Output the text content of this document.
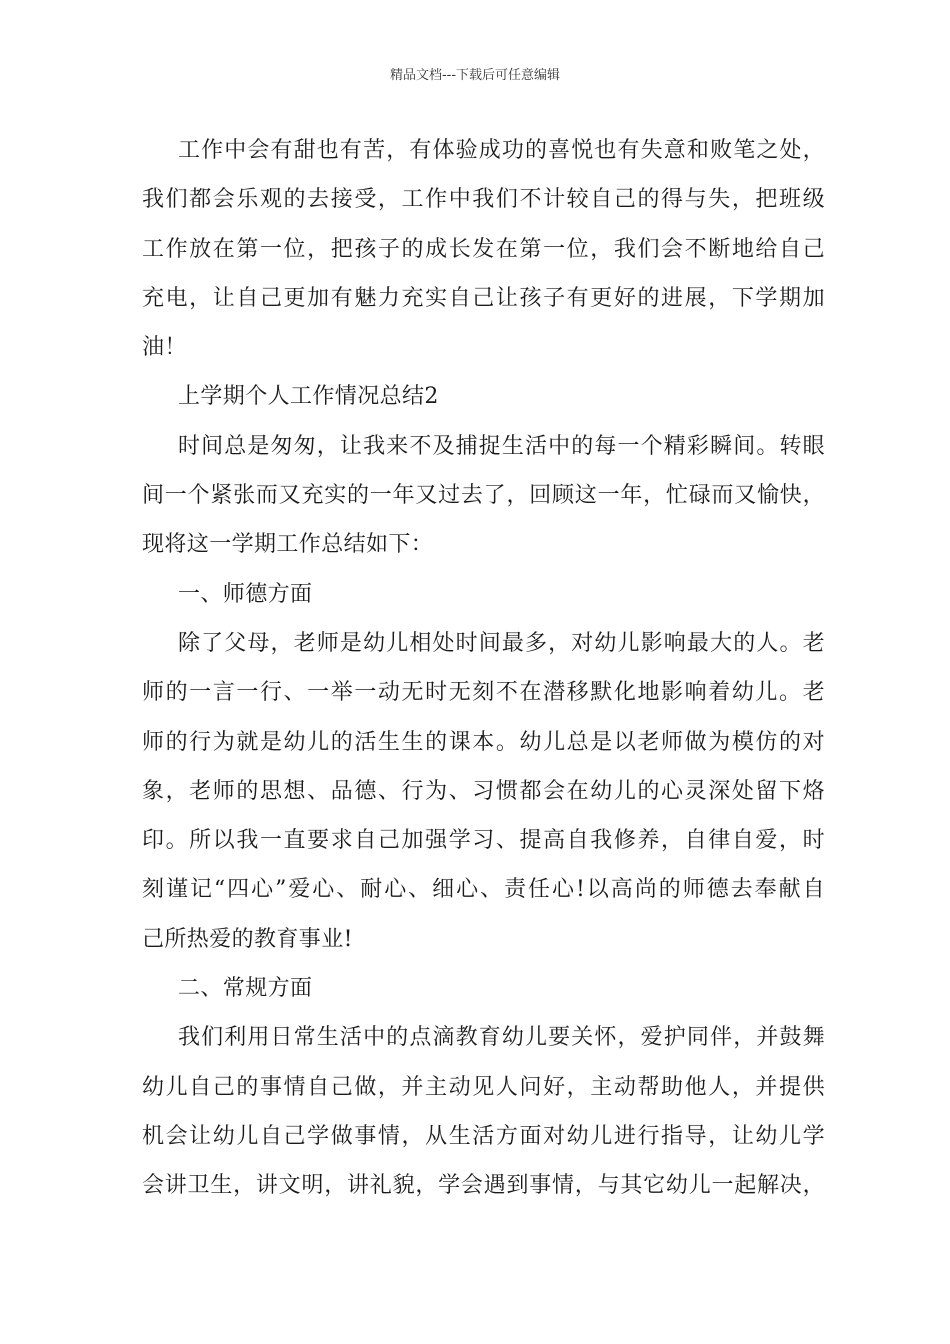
精品文档---下载后可任意编辑
工作中会有甜也有苦，有体验成功的喜悦也有失意和败笔之处，
我们都会乐观的去接受，工作中我们不计较自己的得与失，把班级
工作放在第一位，把孩子的成长发在第一位，我们会不断地给自己
充电，让自己更加有魅力充实自己让孩子有更好的进展，下学期加
油！
上学期个人工作情况总结2
时间总是匆匆，让我来不及捕捉生活中的每一个精彩瞬间。转眼
间一个紧张而又充实的一年又过去了，回顾这一年，忙碌而又愉快，
现将这一学期工作总结如下：
一、师德方面
除了父母，老师是幼儿相处时间最多，对幼儿影响最大的人。老
师的一言一行、一举一动无时无刻不在潜移默化地影响着幼儿。老
师的行为就是幼儿的活生生的课本。幼儿总是以老师做为模仿的对
象，老师的思想、品德、行为、习惯都会在幼儿的心灵深处留下烙
印。所以我一直要求自己加强学习、提高自我修养，自律自爱，时
刻谨记“四心”爱心、耐心、细心、责任心!以高尚的师德去奉献自
己所热爱的教育事业!
二、常规方面
我们利用日常生活中的点滴教育幼儿要关怀，爱护同伴，并鼓舞
幼儿自己的事情自己做，并主动见人问好，主动帮助他人，并提供
机会让幼儿自己学做事情，从生活方面对幼儿进行指导，让幼儿学
会讲卫生，讲文明，讲礼貌，学会遇到事情，与其它幼儿一起解决，
